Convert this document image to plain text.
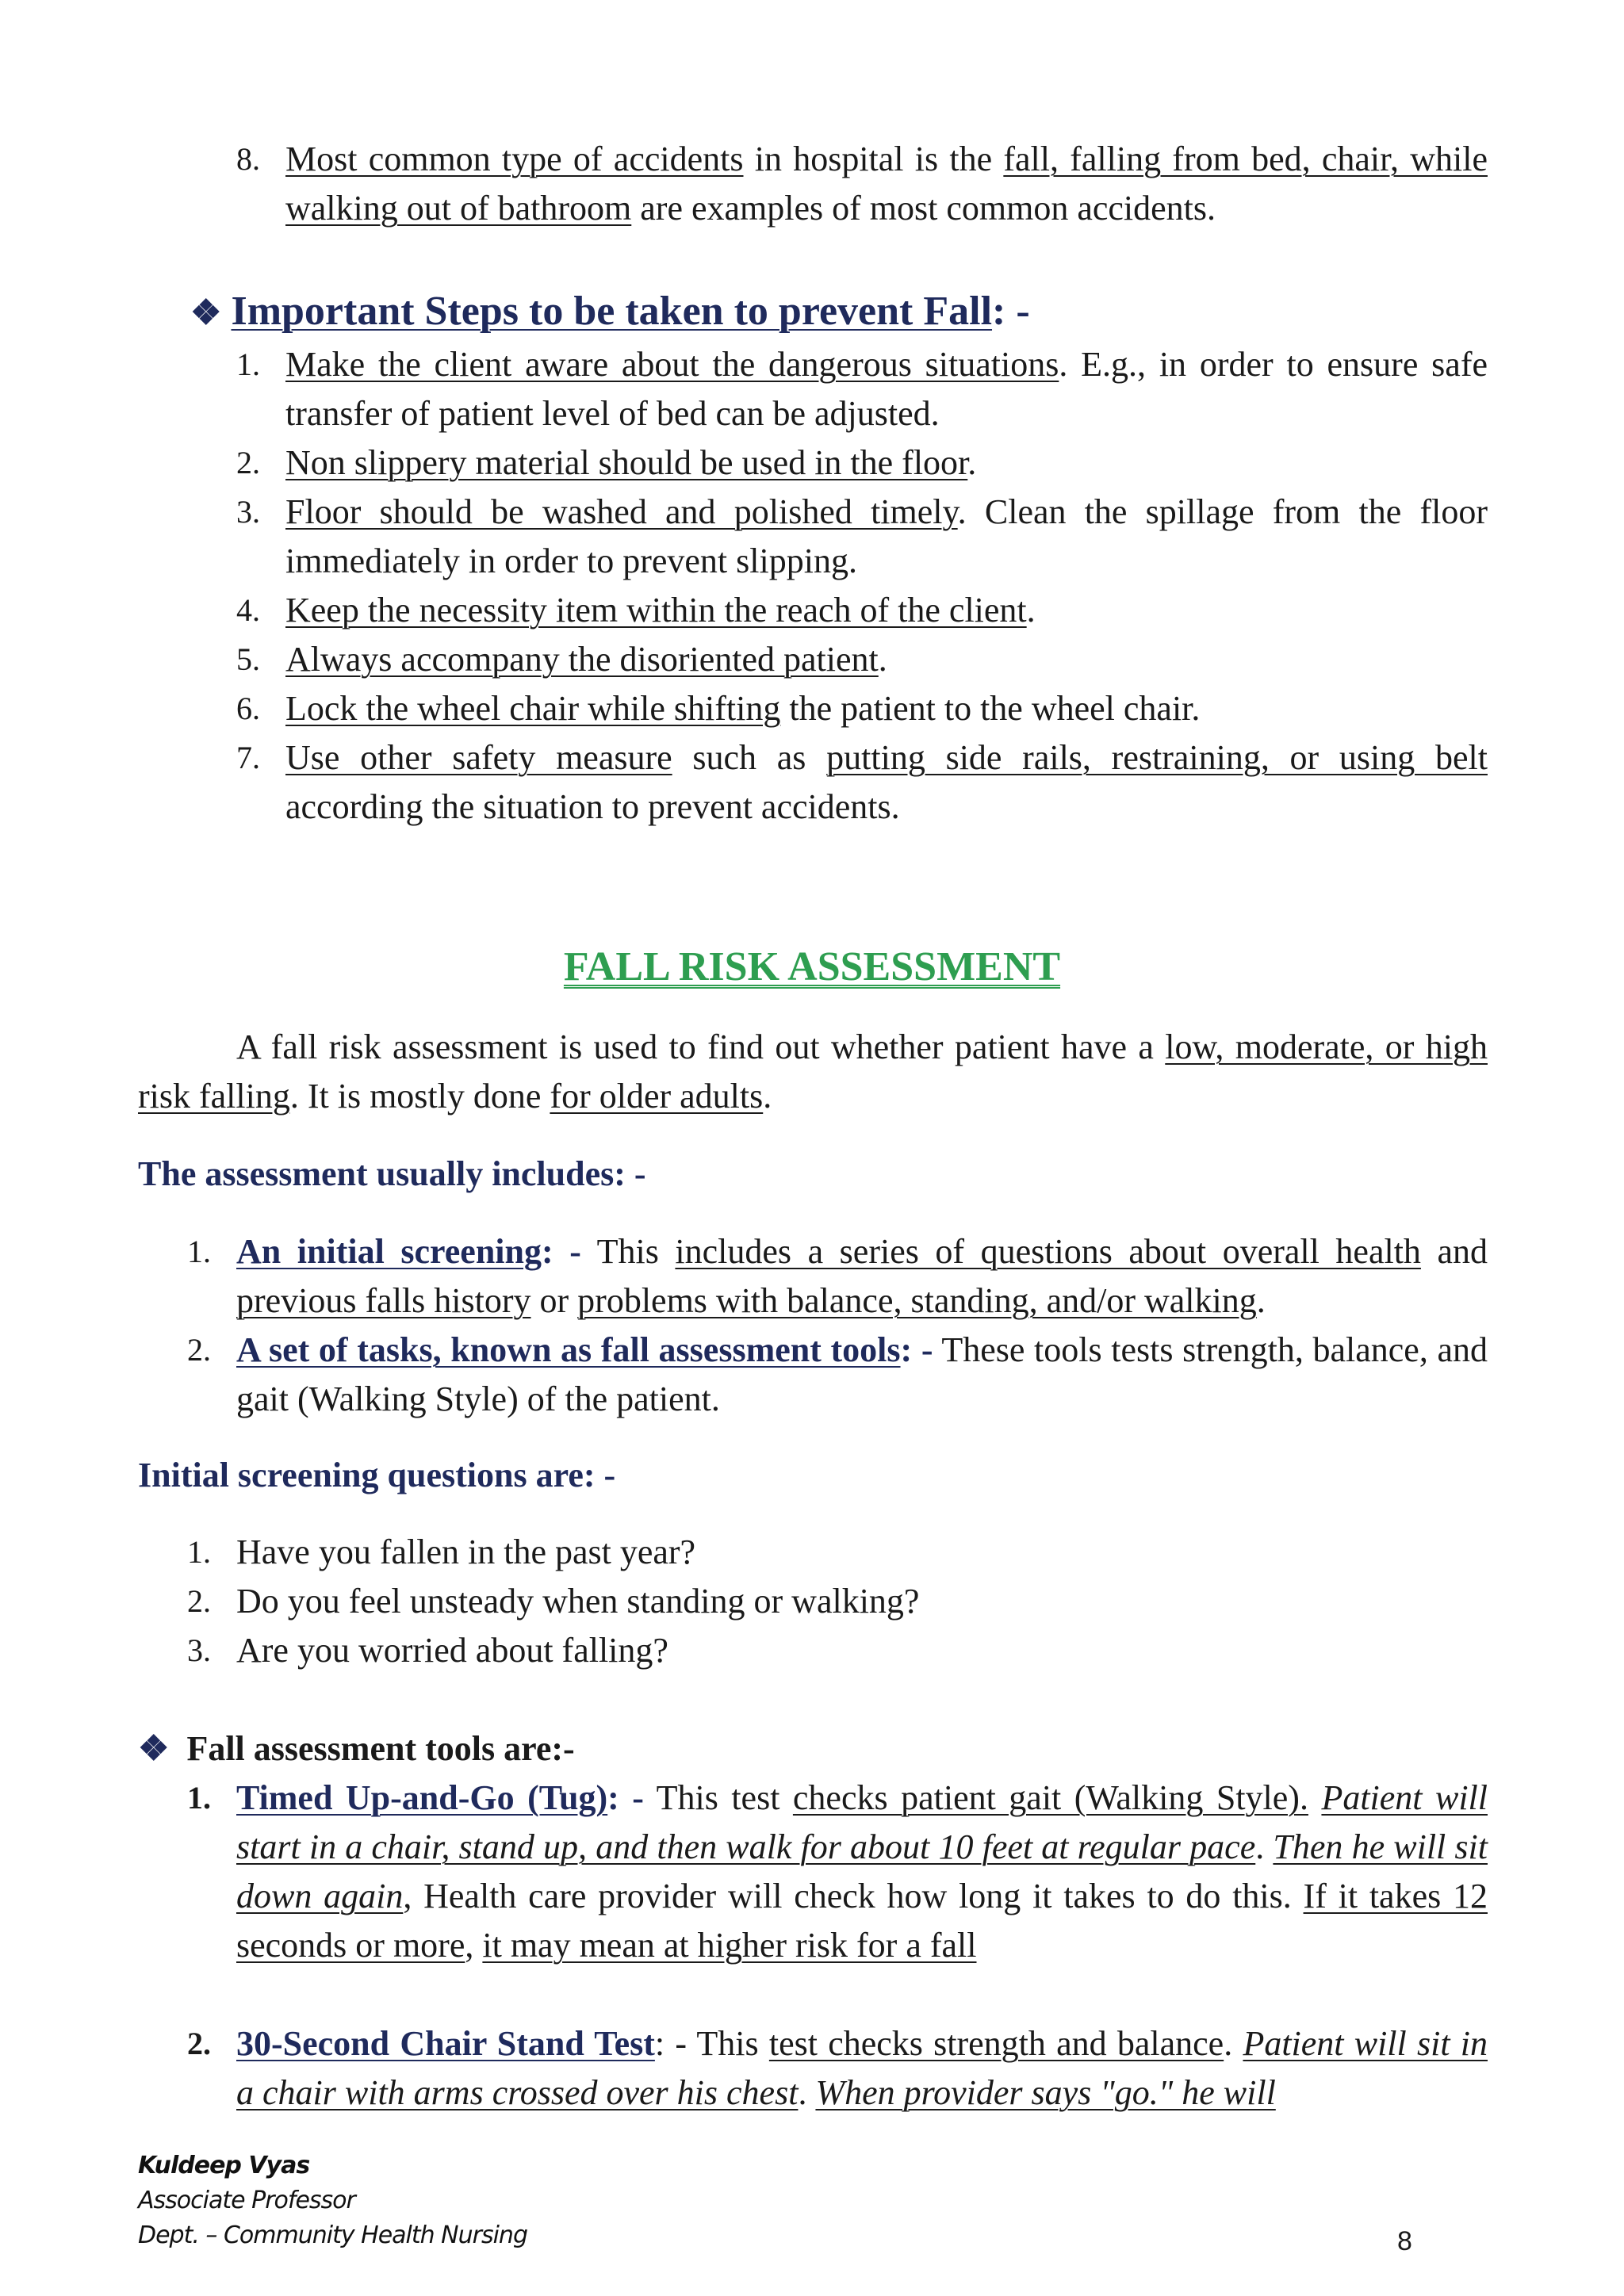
8. Most common type of accidents in hospital is the fall, falling from bed, chair, while walking out of bathroom are examples of most common accidents.
❖ Important Steps to be taken to prevent Fall: -
1. Make the client aware about the dangerous situations. E.g., in order to ensure safe transfer of patient level of bed can be adjusted.
2. Non slippery material should be used in the floor.
3. Floor should be washed and polished timely. Clean the spillage from the floor immediately in order to prevent slipping.
4. Keep the necessity item within the reach of the client.
5. Always accompany the disoriented patient.
6. Lock the wheel chair while shifting the patient to the wheel chair.
7. Use other safety measure such as putting side rails, restraining, or using belt according the situation to prevent accidents.
FALL RISK ASSESSMENT

A fall risk assessment is used to find out whether patient have a low, moderate, or high risk falling. It is mostly done for older adults.

The assessment usually includes: -

1. An initial screening: - This includes a series of questions about overall health and previous falls history or problems with balance, standing, and/or walking.
2. A set of tasks, known as fall assessment tools: - These tools tests strength, balance, and gait (Walking Style) of the patient.

Initial screening questions are: -

1. Have you fallen in the past year?
2. Do you feel unsteady when standing or walking?
3. Are you worried about falling?
❖ Fall assessment tools are:-
1. Timed Up-and-Go (Tug): - This test checks patient gait (Walking Style). Patient will start in a chair, stand up, and then walk for about 10 feet at regular pace. Then he will sit down again, Health care provider will check how long it takes to do this. If it takes 12 seconds or more, it may mean at higher risk for a fall
2. 30-Second Chair Stand Test: - This test checks strength and balance. Patient will sit in a chair with arms crossed over his chest. When provider says "go." he will
Kuldeep Vyas
Associate Professor
Dept. – Community Health Nursing	8
